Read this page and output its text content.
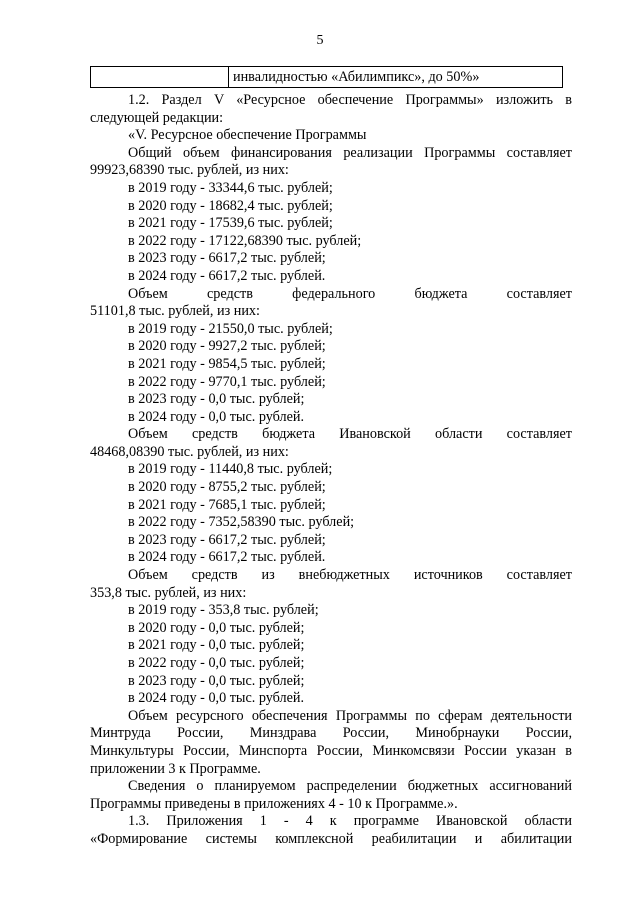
5
	инвалидностью «Абилимпикс», до 50%»
1.2. Раздел V «Ресурсное обеспечение Программы» изложить в
следующей редакции:
«V. Ресурсное обеспечение Программы
Общий объем финансирования реализации Программы составляет
99923,68390 тыс. рублей, из них:
в 2019 году - 33344,6 тыс. рублей;
в 2020 году - 18682,4 тыс. рублей;
в 2021 году - 17539,6 тыс. рублей;
в 2022 году - 17122,68390 тыс. рублей;
в 2023 году - 6617,2 тыс. рублей;
в 2024 году - 6617,2 тыс. рублей.
Объем средств федерального бюджета составляет
51101,8 тыс. рублей, из них:
в 2019 году - 21550,0 тыс. рублей;
в 2020 году - 9927,2 тыс. рублей;
в 2021 году - 9854,5 тыс. рублей;
в 2022 году - 9770,1 тыс. рублей;
в 2023 году - 0,0 тыс. рублей;
в 2024 году - 0,0 тыс. рублей.
Объем средств бюджета Ивановской области составляет
48468,08390 тыс. рублей, из них:
в 2019 году - 11440,8 тыс. рублей;
в 2020 году - 8755,2 тыс. рублей;
в 2021 году - 7685,1 тыс. рублей;
в 2022 году - 7352,58390 тыс. рублей;
в 2023 году - 6617,2 тыс. рублей;
в 2024 году - 6617,2 тыс. рублей.
Объем средств из внебюджетных источников составляет
353,8 тыс. рублей, из них:
в 2019 году - 353,8 тыс. рублей;
в 2020 году - 0,0 тыс. рублей;
в 2021 году - 0,0 тыс. рублей;
в 2022 году - 0,0 тыс. рублей;
в 2023 году - 0,0 тыс. рублей;
в 2024 году - 0,0 тыс. рублей.
Объем ресурсного обеспечения Программы по сферам деятельности
Минтруда России, Минздрава России, Минобрнауки России,
Минкультуры России, Минспорта России, Минкомсвязи России указан в
приложении 3 к Программе.
Сведения о планируемом распределении бюджетных ассигнований
Программы приведены в приложениях 4 - 10 к Программе.».
1.3. Приложения 1 - 4 к программе Ивановской области
«Формирование системы комплексной реабилитации и абилитации
